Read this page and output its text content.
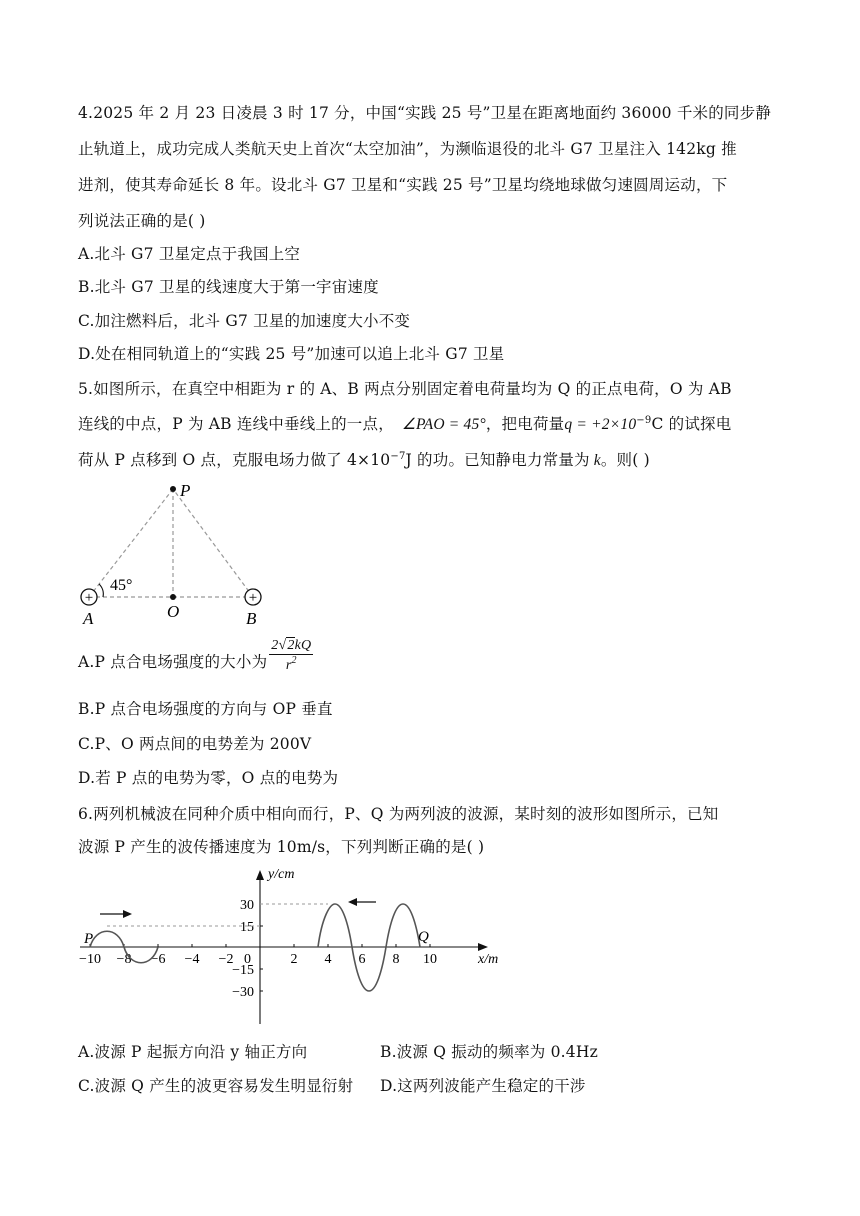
4.2025 年 2 月 23 日凌晨 3 时 17 分，中国“实践 25 号”卫星在距离地面约 36000 千米的同步静
止轨道上，成功完成人类航天史上首次“太空加油”，为濒临退役的北斗 G7 卫星注入 142kg 推
进剂，使其寿命延长 8 年。设北斗 G7 卫星和“实践 25 号”卫星均绕地球做匀速圆周运动，下
列说法正确的是( )
A.北斗 G7 卫星定点于我国上空
B.北斗 G7 卫星的线速度大于第一宇宙速度
C.加注燃料后，北斗 G7 卫星的加速度大小不变
D.处在相同轨道上的“实践 25 号”加速可以追上北斗 G7 卫星
5.如图所示，在真空中相距为 r 的 A、B 两点分别固定着电荷量均为 Q 的正点电荷，O 为 AB
连线的中点，P 为 AB 连线中垂线上的一点， ∠PAO = 45°，把电荷量$q = +2\times 10^{-9}C$ 的试探电
荷从 P 点移到 O 点，克服电场力做了 $4\times 10^{-7}J$ 的功。已知静电力常量为 k。则( )
+	+
P
O
A	B
45°
A.P 点合电场强度的大小为 $\frac{2√2kQ}{r^2}$
B.P 点合电场强度的方向与 OP 垂直
C.P、O 两点间的电势差为 200V
D.若 P 点的电势为零，O 点的电势为
6.两列机械波在同种介质中相向而行，P、Q 为两列波的波源，某时刻的波形如图所示，已知
波源 P 产生的波传播速度为 10m/s，下列判断正确的是( )
y/cm
x/m
0
−10 −8 −6 −4 −2	2 4 6 8 10
30
15
−15
−30
P	Q
A.波源 P 起振方向沿 y 轴正方向	B.波源 Q 振动的频率为 0.4Hz
C.波源 Q 产生的波更容易发生明显衍射 D.这两列波能产生稳定的干涉
